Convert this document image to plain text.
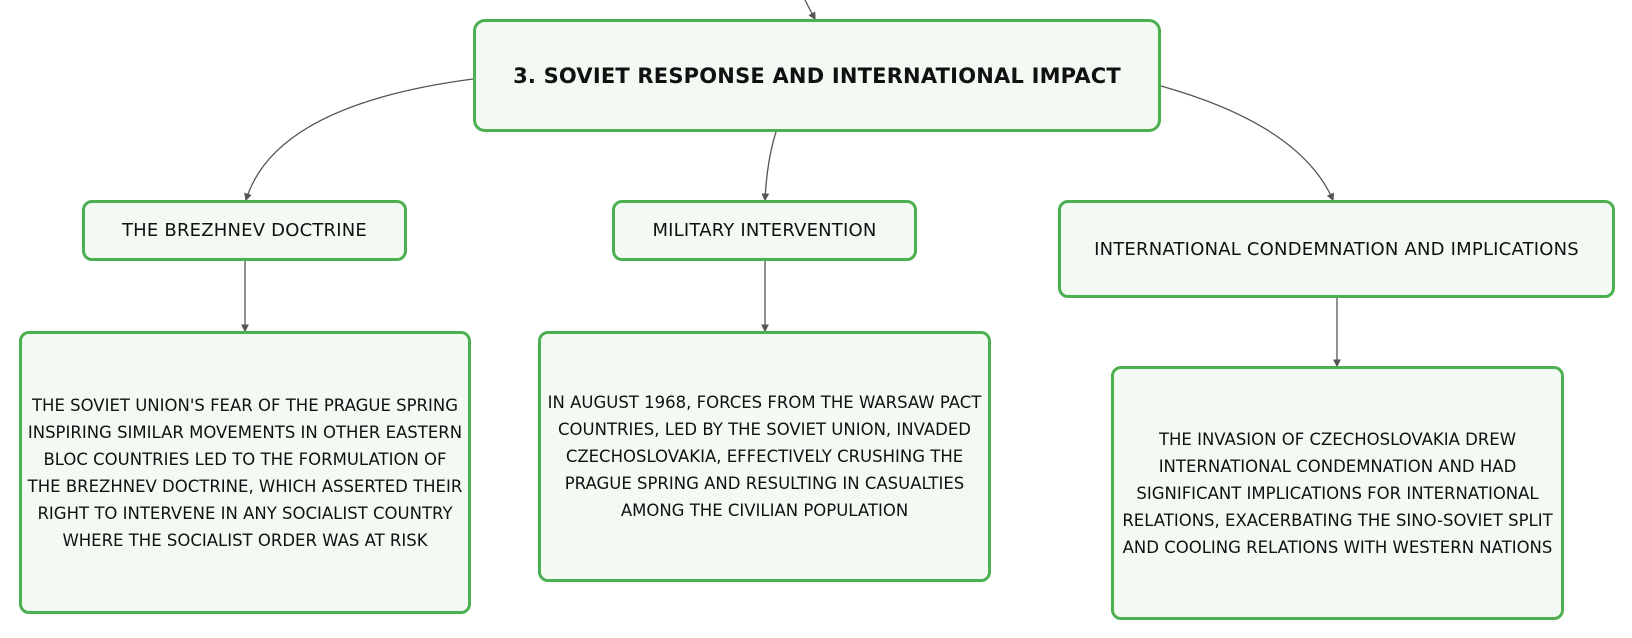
3. SOVIET RESPONSE AND INTERNATIONAL IMPACT
THE BREZHNEV DOCTRINE	MILITARY INTERVENTION
INTERNATIONAL CONDEMNATION AND IMPLICATIONS
THE SOVIET UNION'S FEAR OF THE PRAGUE SPRING INSPIRING SIMILAR MOVEMENTS IN OTHER EASTERN BLOC COUNTRIES LED TO THE FORMULATION OF THE BREZHNEV DOCTRINE, WHICH ASSERTED THEIR RIGHT TO INTERVENE IN ANY SOCIALIST COUNTRY WHERE THE SOCIALIST ORDER WAS AT RISK
IN AUGUST 1968, FORCES FROM THE WARSAW PACT COUNTRIES, LED BY THE SOVIET UNION, INVADED CZECHOSLOVAKIA, EFFECTIVELY CRUSHING THE PRAGUE SPRING AND RESULTING IN CASUALTIES AMONG THE CIVILIAN POPULATION
THE INVASION OF CZECHOSLOVAKIA DREW INTERNATIONAL CONDEMNATION AND HAD SIGNIFICANT IMPLICATIONS FOR INTERNATIONAL RELATIONS, EXACERBATING THE SINO-SOVIET SPLIT AND COOLING RELATIONS WITH WESTERN NATIONS
